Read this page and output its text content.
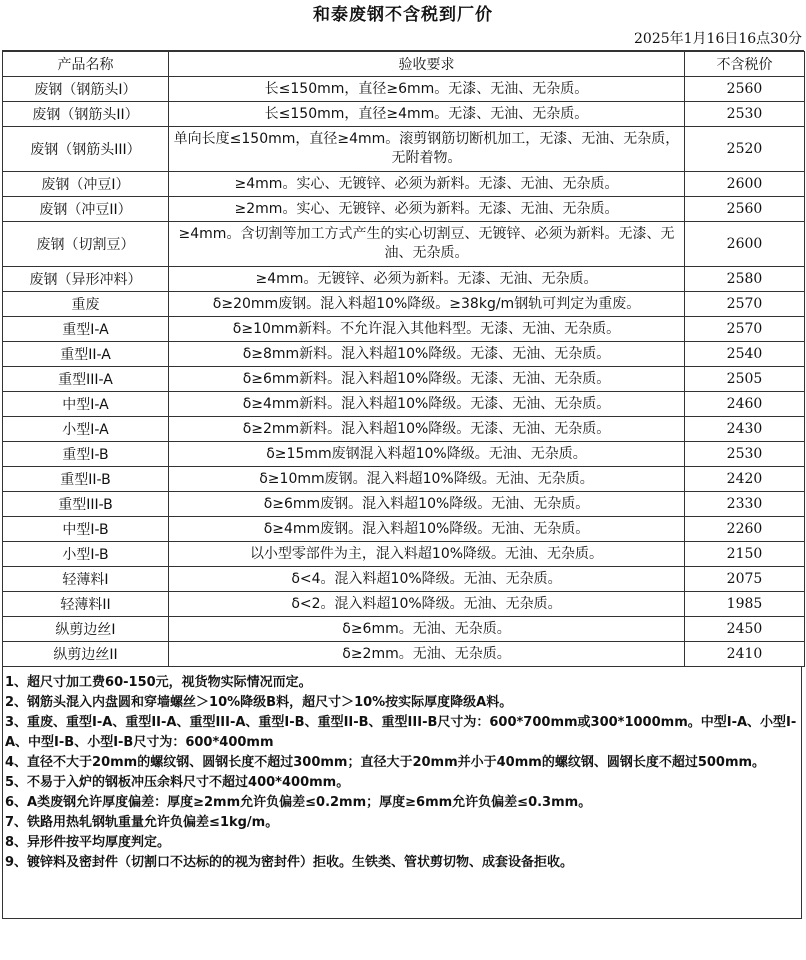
和泰废钢不含税到厂价
2025年1月16日16点30分
产品名称	验收要求	不含税价
废钢（钢筋头I）	长≤150mm，直径≥6mm。无漆、无油、无杂质。	2560
废钢（钢筋头II）	长≤150mm，直径≥4mm。无漆、无油、无杂质。	2530
废钢（钢筋头III）	单向长度≤150mm，直径≥4mm。滚剪钢筋切断机加工，无漆、无油、无杂质，无附着物。	2520
废钢（冲豆I）	≥4mm。实心、无镀锌、必须为新料。无漆、无油、无杂质。	2600
废钢（冲豆II）	≥2mm。实心、无镀锌、必须为新料。无漆、无油、无杂质。	2560
废钢（切割豆）	≥4mm。含切割等加工方式产生的实心切割豆、无镀锌、必须为新料。无漆、无油、无杂质。	2600
废钢（异形冲料）	≥4mm。无镀锌、必须为新料。无漆、无油、无杂质。	2580
重废	δ≥20mm废钢。混入料超10%降级。≥38kg/m钢轨可判定为重废。	2570
重型I-A	δ≥10mm新料。不允许混入其他料型。无漆、无油、无杂质。	2570
重型II-A	δ≥8mm新料。混入料超10%降级。无漆、无油、无杂质。	2540
重型III-A	δ≥6mm新料。混入料超10%降级。无漆、无油、无杂质。	2505
中型I-A	δ≥4mm新料。混入料超10%降级。无漆、无油、无杂质。	2460
小型I-A	δ≥2mm新料。混入料超10%降级。无漆、无油、无杂质。	2430
重型I-B	δ≥15mm废钢混入料超10%降级。无油、无杂质。	2530
重型II-B	δ≥10mm废钢。混入料超10%降级。无油、无杂质。	2420
重型III-B	δ≥6mm废钢。混入料超10%降级。无油、无杂质。	2330
中型I-B	δ≥4mm废钢。混入料超10%降级。无油、无杂质。	2260
小型I-B	以小型零部件为主，混入料超10%降级。无油、无杂质。	2150
轻薄料I	δ<4。混入料超10%降级。无油、无杂质。	2075
轻薄料II	δ<2。混入料超10%降级。无油、无杂质。	1985
纵剪边丝I	δ≥6mm。无油、无杂质。	2450
纵剪边丝II	δ≥2mm。无油、无杂质。	2410
1、超尺寸加工费60-150元，视货物实际情况而定。
2、钢筋头混入内盘圆和穿墙螺丝＞10%降级B料，超尺寸＞10%按实际厚度降级A料。
3、重废、重型I-A、重型II-A、重型III-A、重型I-B、重型II-B、重型III-B尺寸为：600*700mm或300*1000mm。中型I-A、小型I-A、中型I-B、小型I-B尺寸为：600*400mm
4、直径不大于20mm的螺纹钢、圆钢长度不超过300mm；直径大于20mm并小于40mm的螺纹钢、圆钢长度不超过500mm。
5、不易于入炉的钢板冲压余料尺寸不超过400*400mm。
6、A类废钢允许厚度偏差：厚度≥2mm允许负偏差≤0.2mm；厚度≥6mm允许负偏差≤0.3mm。
7、铁路用热轧钢轨重量允许负偏差≤1kg/m。
8、异形件按平均厚度判定。
9、镀锌料及密封件（切割口不达标的的视为密封件）拒收。生铁类、管状剪切物、成套设备拒收。
